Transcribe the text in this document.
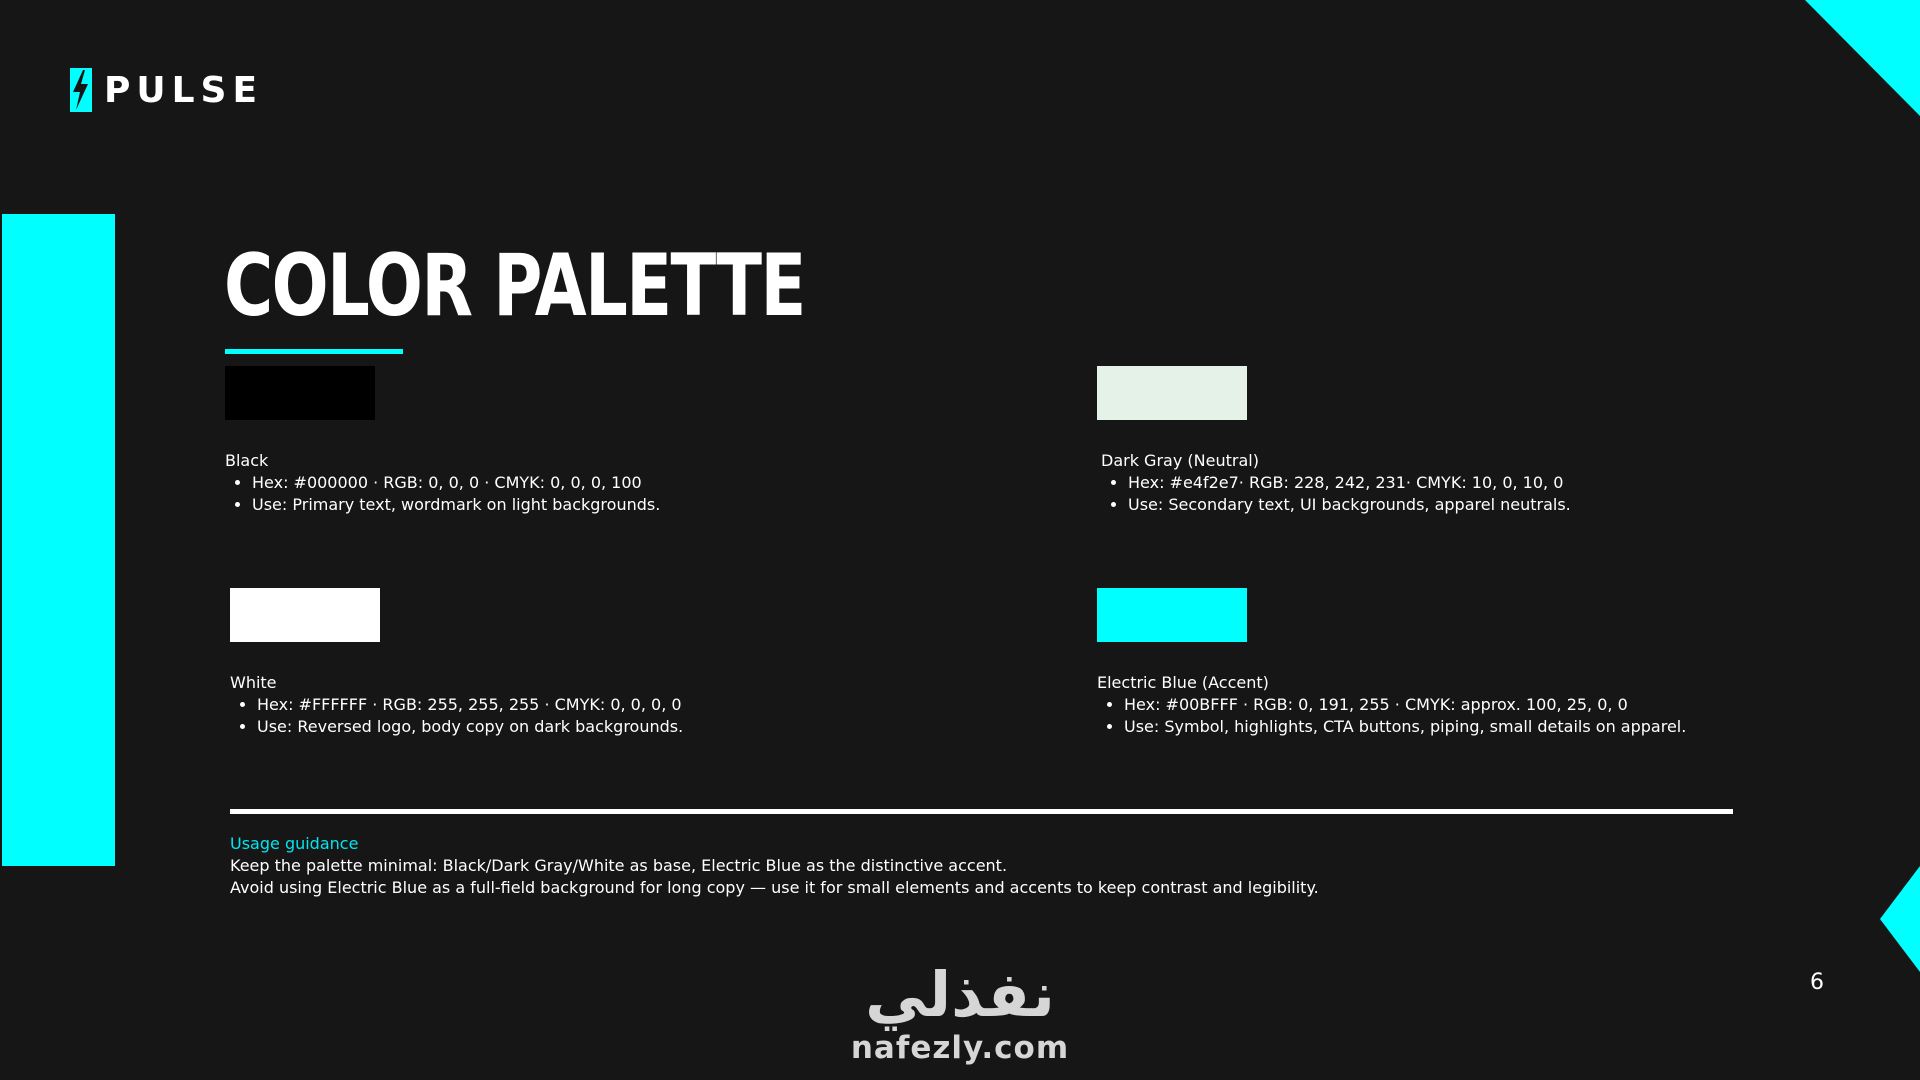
PULSE
COLOR PALETTE
Black
• Hex: #000000 · RGB: 0, 0, 0 · CMYK: 0, 0, 0, 100
• Use: Primary text, wordmark on light backgrounds.
Dark Gray (Neutral)
• Hex: #e4f2e7· RGB: 228, 242, 231· CMYK: 10, 0, 10, 0
• Use: Secondary text, UI backgrounds, apparel neutrals.
White
• Hex: #FFFFFF · RGB: 255, 255, 255 · CMYK: 0, 0, 0, 0
• Use: Reversed logo, body copy on dark backgrounds.
Electric Blue (Accent)
• Hex: #00BFFF · RGB: 0, 191, 255 · CMYK: approx. 100, 25, 0, 0
• Use: Symbol, highlights, CTA buttons, piping, small details on apparel.
Usage guidance
Keep the palette minimal: Black/Dark Gray/White as base, Electric Blue as the distinctive accent.
Avoid using Electric Blue as a full-field background for long copy — use it for small elements and accents to keep contrast and legibility.
6
نفذلي
nafezly.com
